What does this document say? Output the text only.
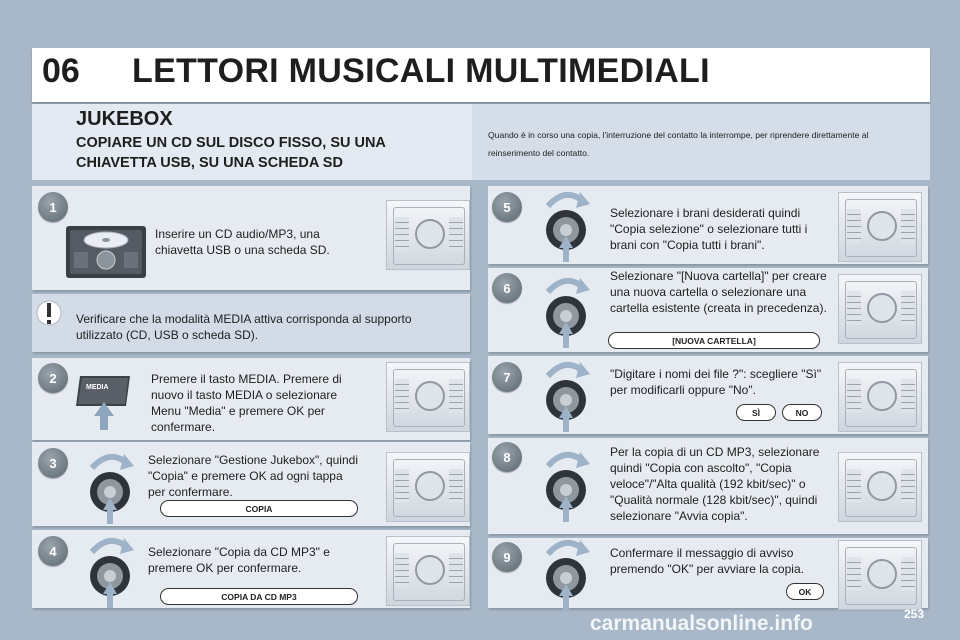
06 LETTORI MUSICALI MULTIMEDIALI
JUKEBOX
COPIARE UN CD SUL DISCO FISSO, SU UNA CHIAVETTA USB, SU UNA SCHEDA SD
Quando è in corso una copia, l'interruzione del contatto la interrompe, per riprendere direttamente al reinserimento del contatto.
1
Inserire un CD audio/MP3, una chiavetta USB o una scheda SD.
Verificare che la modalità MEDIA attiva corrisponda al supporto utilizzato (CD, USB o scheda SD).
2
MEDIA
Premere il tasto MEDIA. Premere di nuovo il tasto MEDIA o selezionare Menu "Media" e premere OK per confermare.
3	Selezionare "Gestione Jukebox", quindi "Copia" e premere OK ad ogni tappa per confermare.
COPIA
4	Selezionare "Copia da CD MP3" e premere OK per confermare.
COPIA DA CD MP3
5	Selezionare i brani desiderati quindi "Copia selezione" o selezionare tutti i brani con "Copia tutti i brani".
6
Selezionare "[Nuova cartella]" per creare una nuova cartella o selezionare una cartella esistente (creata in precedenza).
[NUOVA CARTELLA]
7	"Digitare i nomi dei file ?": scegliere "Sì" per modificarli oppure "No".
SÌ	NO
8	Per la copia di un CD MP3, selezionare quindi "Copia con ascolto", "Copia veloce"/"Alta qualità (192 kbit/sec)" o "Qualità normale (128 kbit/sec)", quindi selezionare "Avvia copia".
9	Confermare il messaggio di avviso premendo "OK" per avviare la copia.
OK
carmanualsonline.info	253
